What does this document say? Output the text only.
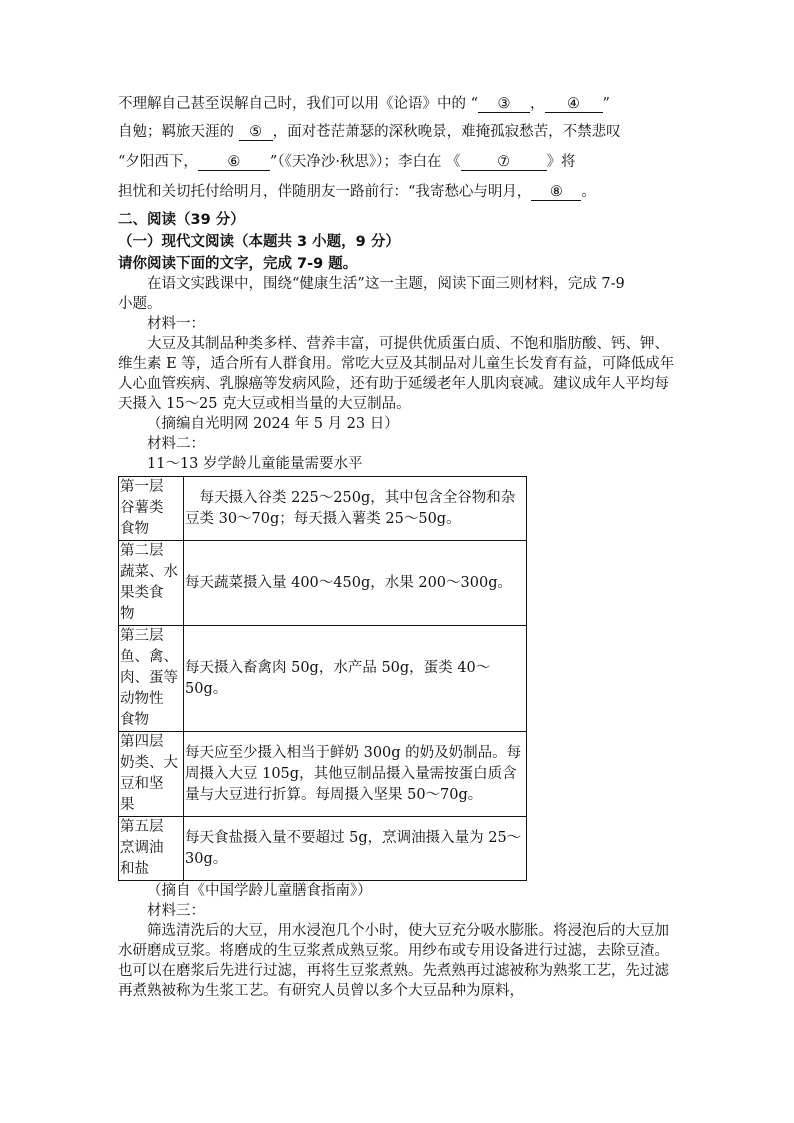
不理解自己甚至误解自己时，我们可以用《论语》中的 “ ③ ， ④ ”
自勉；羁旅天涯的 ⑤ ，面对苍茫萧瑟的深秋晚景，难掩孤寂愁苦，不禁悲叹
“夕阳西下， ⑥ ”（《天净沙·秋思》）；李白在 《	⑦	》将
担忧和关切托付给明月，伴随朋友一路前行：“我寄愁心与明月， ⑧ 。
二、阅读（39 分）
（一）现代文阅读（本题共 3 小题，9 分）
请你阅读下面的文字，完成 7-9 题。
在语文实践课中，围绕“健康生活”这一主题，阅读下面三则材料，完成 7-9
小题。
材料一：
大豆及其制品种类多样、营养丰富，可提供优质蛋白质、不饱和脂肪酸、钙、钾、维生素 E 等，适合所有人群食用。常吃大豆及其制品对儿童生长发育有益，可降低成年人心血管疾病、乳腺癌等发病风险，还有助于延缓老年人肌肉衰减。建议成年人平均每天摄入 15～25 克大豆或相当量的大豆制品。
（摘编自光明网 2024 年 5 月 23 日）
材料二：
11～13 岁学龄儿童能量需要水平
第一层
谷薯类
食物	　每天摄入谷类 225～250g，其中包含全谷物和杂豆类 30～70g；每天摄入薯类 25～50g。

第二层
蔬菜、水
果类食
物	每天蔬菜摄入量 400～450g，水果 200～300g。

第三层
鱼、禽、
肉、蛋等
动物性
食物	每天摄入畜禽肉 50g，水产品 50g，蛋类 40～50g。

第四层
奶类、大
豆和坚
果	每天应至少摄入相当于鲜奶 300g 的奶及奶制品。每周摄入大豆 105g，其他豆制品摄入量需按蛋白质含量与大豆进行折算。每周摄入坚果 50～70g。

第五层
烹调油
和盐	每天食盐摄入量不要超过 5g，烹调油摄入量为 25～30g。
（摘自《中国学龄儿童膳食指南》）
材料三：
筛选清洗后的大豆，用水浸泡几个小时，使大豆充分吸水膨胀。将浸泡后的大豆加水研磨成豆浆。将磨成的生豆浆煮成熟豆浆。用纱布或专用设备进行过滤，去除豆渣。也可以在磨浆后先进行过滤，再将生豆浆煮熟。先煮熟再过滤被称为熟浆工艺，先过滤再煮熟被称为生浆工艺。有研究人员曾以多个大豆品种为原料，
